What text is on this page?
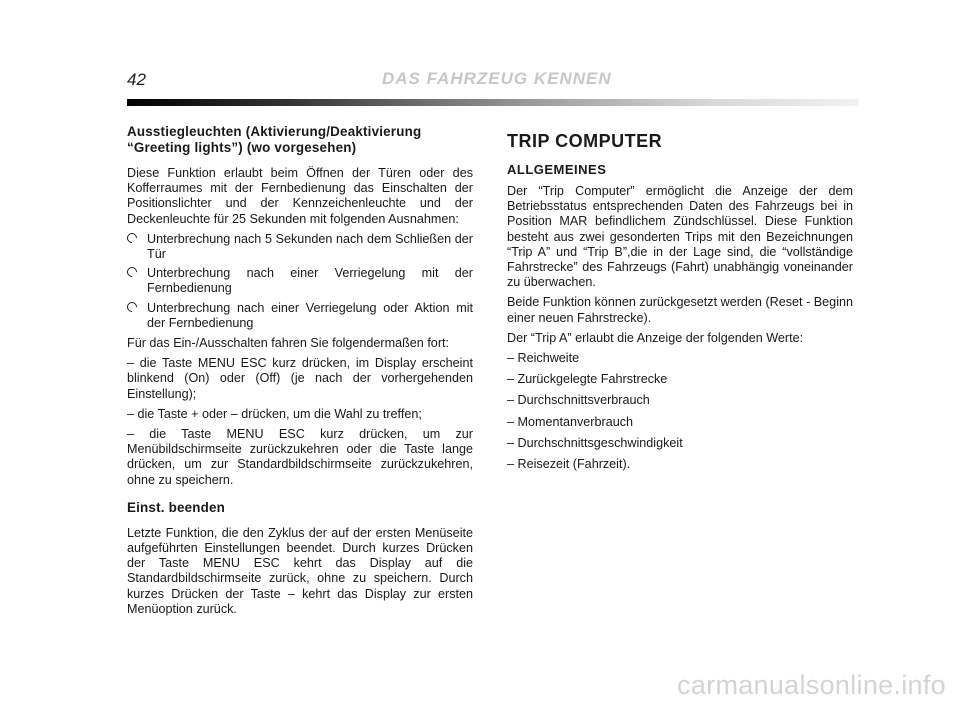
42	DAS FAHRZEUG KENNEN
Ausstiegleuchten (Aktivierung/Deaktivierung “Greeting lights”) (wo vorgesehen)

Diese Funktion erlaubt beim Öffnen der Türen oder des Kofferraumes mit der Fernbedienung das Einschalten der Positionslichter und der Kennzeichenleuchte und der Deckenleuchte für 25 Sekunden mit folgenden Ausnahmen:

Unterbrechung nach 5 Sekunden nach dem Schließen der Tür
Unterbrechung nach einer Verriegelung mit der Fernbedienung
Unterbrechung nach einer Verriegelung oder Aktion mit der Fernbedienung

Für das Ein-/Ausschalten fahren Sie folgendermaßen fort:

– die Taste MENU ESC kurz drücken, im Display erscheint blinkend (On) oder (Off) (je nach der vorhergehenden Einstellung);

– die Taste + oder – drücken, um die Wahl zu treffen;

– die Taste MENU ESC kurz drücken, um zur Menübildschirmseite zurückzukehren oder die Taste lange drücken, um zur Standardbildschirmseite zurückzukehren, ohne zu speichern.

Einst. beenden

Letzte Funktion, die den Zyklus der auf der ersten Menüseite aufgeführten Einstellungen beendet. Durch kurzes Drücken der Taste MENU ESC kehrt das Display auf die Standardbildschirmseite zurück, ohne zu speichern. Durch kurzes Drücken der Taste – kehrt das Display zur ersten Menüoption zurück.

TRIP COMPUTER
ALLGEMEINES

Der “Trip Computer” ermöglicht die Anzeige der dem Betriebsstatus entsprechenden Daten des Fahrzeugs bei in Position MAR befindlichem Zündschlüssel. Diese Funktion besteht aus zwei gesonderten Trips mit den Bezeichnungen “Trip A” und “Trip B”,die in der Lage sind, die “vollständige Fahrstrecke” des Fahrzeugs (Fahrt) unabhängig voneinander zu überwachen.

Beide Funktion können zurückgesetzt werden (Reset - Beginn einer neuen Fahrstrecke).

Der “Trip A” erlaubt die Anzeige der folgenden Werte:

– Reichweite

– Zurückgelegte Fahrstrecke

– Durchschnittsverbrauch

– Momentanverbrauch

– Durchschnittsgeschwindigkeit

– Reisezeit (Fahrzeit).

carmanualsonline.info
